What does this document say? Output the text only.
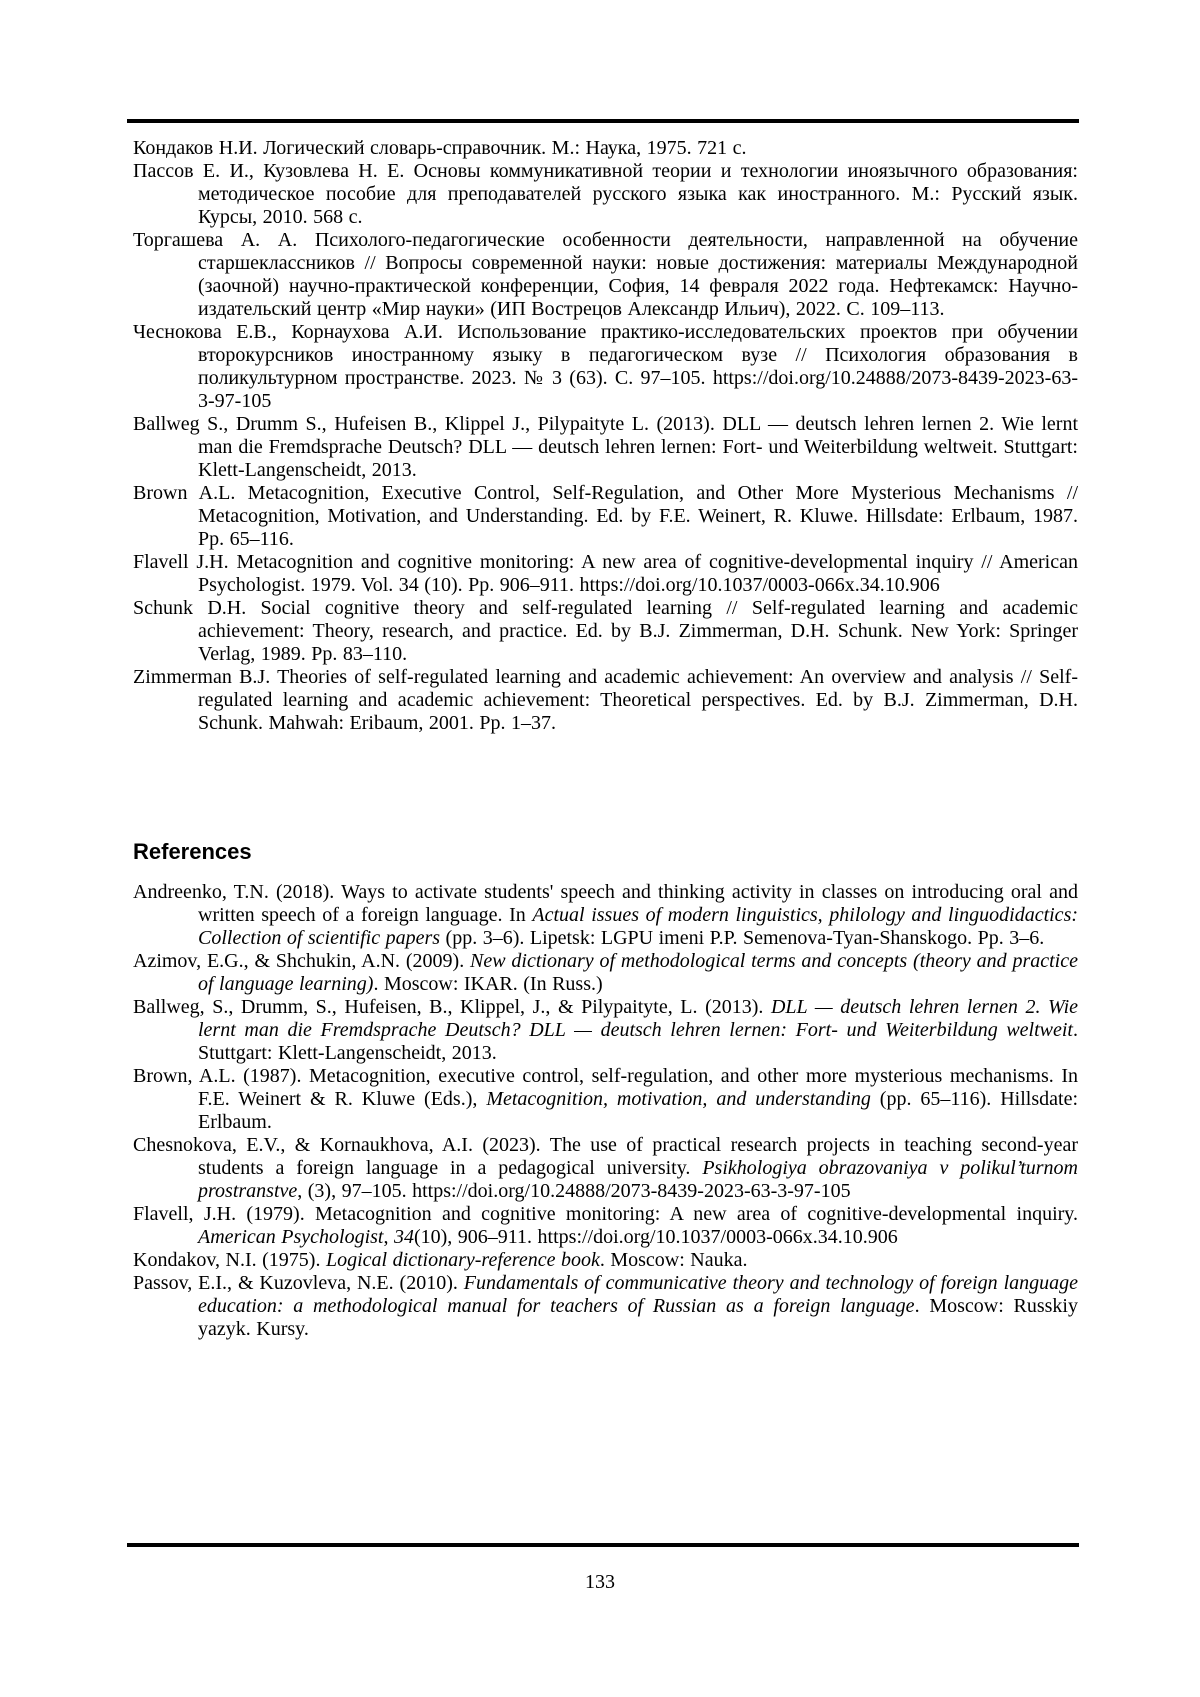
Кондаков Н.И. Логический словарь-справочник. М.: Наука, 1975. 721 с.

Пассов Е. И., Кузовлева Н. Е. Основы коммуникативной теории и технологии иноязычного образования: методическое пособие для преподавателей русского языка как иностранного. М.: Русский язык. Курсы, 2010. 568 с.

Торгашева А. А. Психолого-педагогические особенности деятельности, направленной на обучение старшеклассников // Вопросы современной науки: новые достижения: материалы Международной (заочной) научно-практической конференции, София, 14 февраля 2022 года. Нефтекамск: Научно-издательский центр «Мир науки» (ИП Вострецов Александр Ильич), 2022. С. 109–113.

Чеснокова Е.В., Корнаухова А.И. Использование практико-исследовательских проектов при обучении второкурсников иностранному языку в педагогическом вузе // Психология образования в поликультурном пространстве. 2023. № 3 (63). С. 97–105. https://doi.org/10.24888/2073-8439-2023-63-3-97-105

Ballweg S., Drumm S., Hufeisen B., Klippel J., Pilypaityte L. (2013). DLL — deutsch lehren lernen 2. Wie lernt man die Fremdsprache Deutsch? DLL — deutsch lehren lernen: Fort- und Weiterbildung weltweit. Stuttgart: Klett-Langenscheidt, 2013.

Brown A.L. Metacognition, Executive Control, Self-Regulation, and Other More Mysterious Mechanisms // Metacognition, Motivation, and Understanding. Ed. by F.E. Weinert, R. Kluwe. Hillsdate: Erlbaum, 1987. Pp. 65–116.

Flavell J.H. Metacognition and cognitive monitoring: A new area of cognitive-developmental inquiry // American Psychologist. 1979. Vol. 34 (10). Pp. 906–911. https://doi.org/10.1037/0003-066x.34.10.906

Schunk D.H. Social cognitive theory and self-regulated learning // Self-regulated learning and academic achievement: Theory, research, and practice. Ed. by B.J. Zimmerman, D.H. Schunk. New York: Springer Verlag, 1989. Pp. 83–110.

Zimmerman B.J. Theories of self-regulated learning and academic achievement: An overview and analysis // Self-regulated learning and academic achievement: Theoretical perspectives. Ed. by B.J. Zimmerman, D.H. Schunk. Mahwah: Eribaum, 2001. Pp. 1–37.

References

Andreenko, T.N. (2018). Ways to activate students' speech and thinking activity in classes on introducing oral and written speech of a foreign language. In Actual issues of modern linguistics, philology and linguodidactics: Collection of scientific papers (pp. 3–6). Lipetsk: LGPU imeni P.P. Semenova-Tyan-Shanskogo. Pp. 3–6.

Azimov, E.G., & Shchukin, A.N. (2009). New dictionary of methodological terms and concepts (theory and practice of language learning). Moscow: IKAR. (In Russ.)

Ballweg, S., Drumm, S., Hufeisen, B., Klippel, J., & Pilypaityte, L. (2013). DLL — deutsch lehren lernen 2. Wie lernt man die Fremdsprache Deutsch? DLL — deutsch lehren lernen: Fort- und Weiterbildung weltweit. Stuttgart: Klett-Langenscheidt, 2013.

Brown, A.L. (1987). Metacognition, executive control, self-regulation, and other more mysterious mechanisms. In F.E. Weinert & R. Kluwe (Eds.), Metacognition, motivation, and understanding (pp. 65–116). Hillsdate: Erlbaum.

Chesnokova, E.V., & Kornaukhova, A.I. (2023). The use of practical research projects in teaching second-year students a foreign language in a pedagogical university. Psikhologiya obrazovaniya v polikul’turnom prostranstve, (3), 97–105. https://doi.org/10.24888/2073-8439-2023-63-3-97-105

Flavell, J.H. (1979). Metacognition and cognitive monitoring: A new area of cognitive-developmental inquiry. American Psychologist, 34(10), 906–911. https://doi.org/10.1037/0003-066x.34.10.906

Kondakov, N.I. (1975). Logical dictionary-reference book. Moscow: Nauka.

Passov, E.I., & Kuzovleva, N.E. (2010). Fundamentals of communicative theory and technology of foreign language education: a methodological manual for teachers of Russian as a foreign language. Moscow: Russkiy yazyk. Kursy.

133
